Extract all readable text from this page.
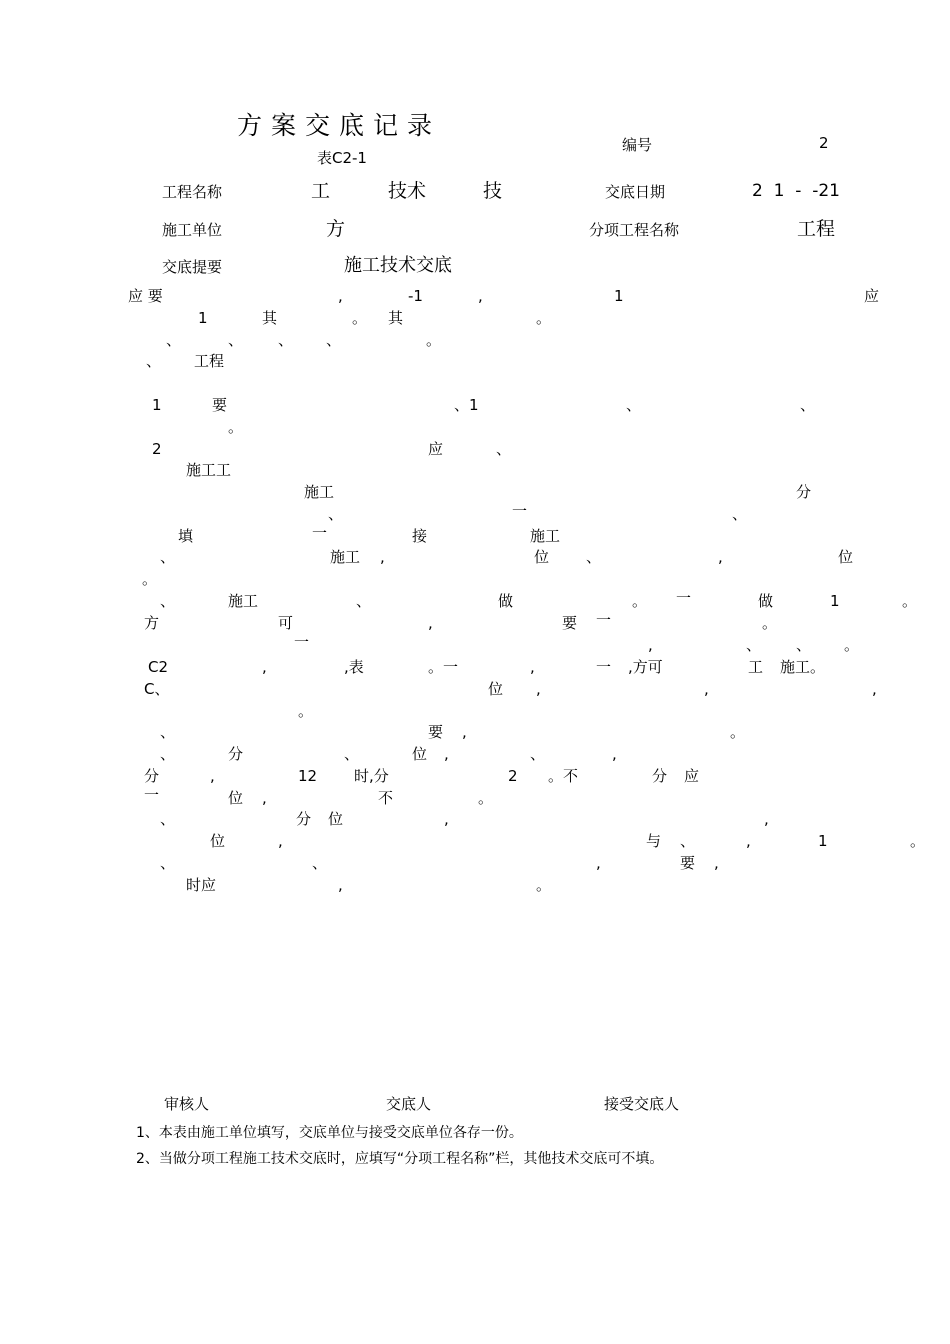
方案交底记录
表C2-1
编号	2
工程名称	工	技术	技	交底日期	2  1  -  -21
施工单位	方	分项工程名称	工程
交底提要	施工技术交底
应 要	,	-1	,	1	应
1	其	。 其	。
、	、 、 、	。
、 工程
1	要	、1	、	、
。
2	应	、
施工工
施工	分
、	一	、
填	一	接	施工
、	施工 ,	位 、	,	位
。
、	施工	、	做	。 一	做	1	。
方	可	,	要 一	。
一	,	、 、 。
C2	,	,表	。一	,	一 ,方可	工 施工。
C、	位 ,	,	,
。
、	要 ,	。
、	分	、	位 ,	、	,
分	,	12 时,分	2 。不	分 应
一	位 ,	不	。
、	分 位	,	,
位	,	与 、	,	1	。
、	、	,	要 ,
时应	,	。
审核人	交底人	接受交底人
1、本表由施工单位填写，交底单位与接受交底单位各存一份。
2、当做分项工程施工技术交底时，应填写“分项工程名称”栏，其他技术交底可不填。
